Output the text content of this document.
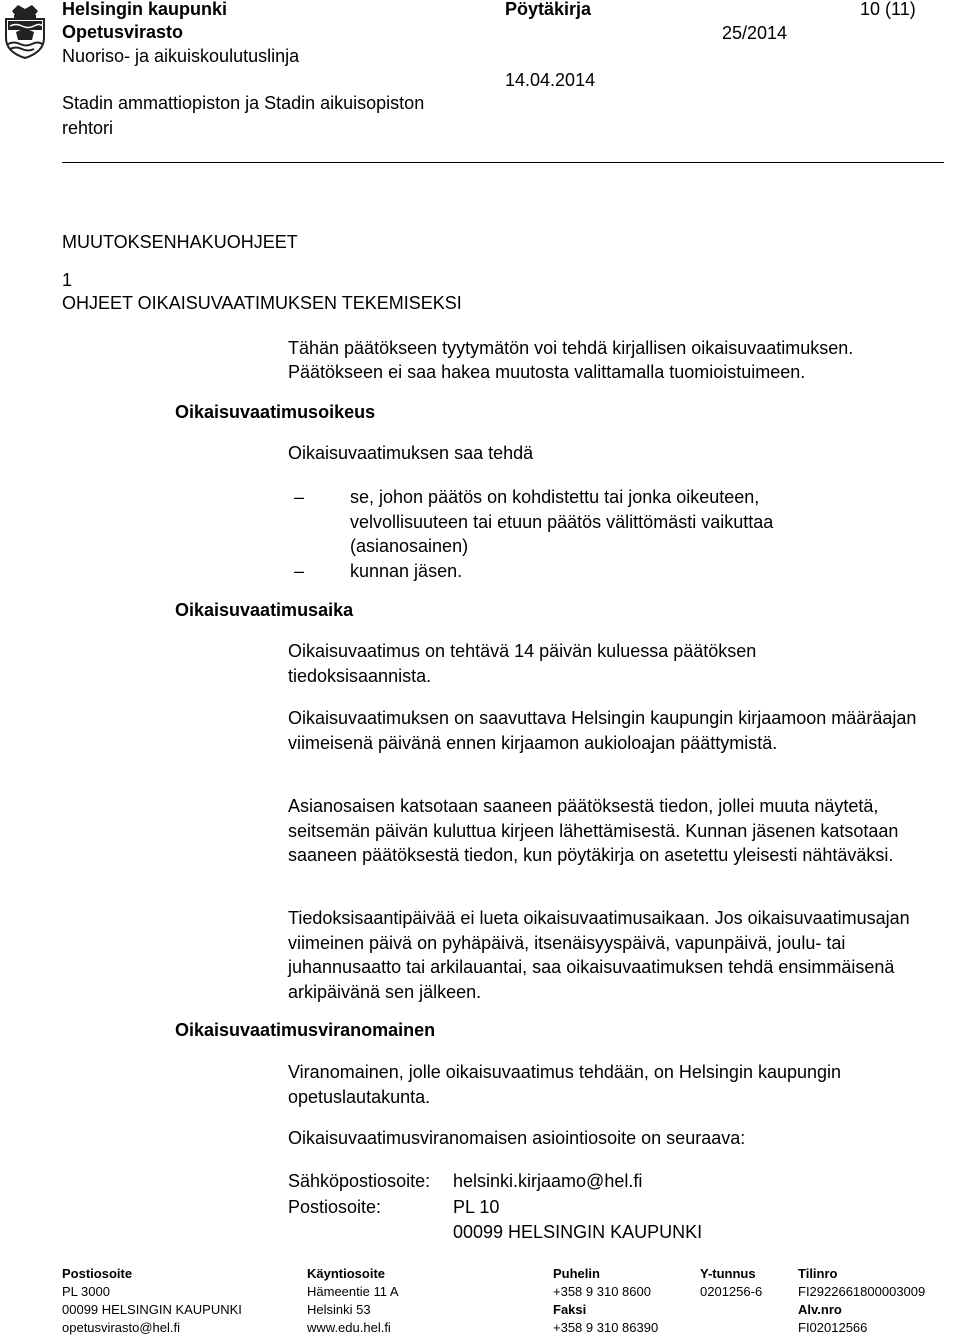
Helsingin kaupunki
Opetusvirasto
Nuoriso- ja aikuiskoulutuslinja
Stadin ammattiopiston ja Stadin aikuisopiston
rehtori
Pöytäkirja
25/2014
14.04.2014
10 (11)
MUUTOKSENHAKUOHJEET
1
OHJEET OIKAISUVAATIMUKSEN TEKEMISEKSI
Tähän päätökseen tyytymätön voi tehdä kirjallisen oikaisuvaatimuksen.
Päätökseen ei saa hakea muutosta valittamalla tuomioistuimeen.
Oikaisuvaatimusoikeus
Oikaisuvaatimuksen saa tehdä
–	se, johon päätös on kohdistettu tai jonka oikeuteen, velvollisuuteen tai etuun päätös välittömästi vaikuttaa (asianosainen)
–	kunnan jäsen.
Oikaisuvaatimusaika
Oikaisuvaatimus on tehtävä 14 päivän kuluessa päätöksen tiedoksisaannista.
Oikaisuvaatimuksen on saavuttava Helsingin kaupungin kirjaamoon määräajan viimeisenä päivänä ennen kirjaamon aukioloajan päättymistä.
Asianosaisen katsotaan saaneen päätöksestä tiedon, jollei muuta näytetä, seitsemän päivän kuluttua kirjeen lähettämisestä. Kunnan jäsenen katsotaan saaneen päätöksestä tiedon, kun pöytäkirja on asetettu yleisesti nähtäväksi.
Tiedoksisaantipäivää ei lueta oikaisuvaatimusaikaan. Jos oikaisuvaatimusajan viimeinen päivä on pyhäpäivä, itsenäisyyspäivä, vapunpäivä, joulu- tai juhannusaatto tai arkilauantai, saa oikaisuvaatimuksen tehdä ensimmäisenä arkipäivänä sen jälkeen.
Oikaisuvaatimusviranomainen
Viranomainen, jolle oikaisuvaatimus tehdään, on Helsingin kaupungin opetuslautakunta.
Oikaisuvaatimusviranomaisen asiointiosoite on seuraava:
Sähköpostiosoite: helsinki.kirjaamo@hel.fi
Postiosoite:	PL 10
00099 HELSINGIN KAUPUNKI
Postiosoite
PL 3000
00099 HELSINGIN KAUPUNKI
opetusvirasto@hel.fi
Käyntiosoite
Hämeentie 11 A
Helsinki 53
www.edu.hel.fi
Puhelin
+358 9 310 8600
Faksi
+358 9 310 86390
Y-tunnus
0201256-6
Tilinro
FI2922661800003009
Alv.nro
FI02012566
